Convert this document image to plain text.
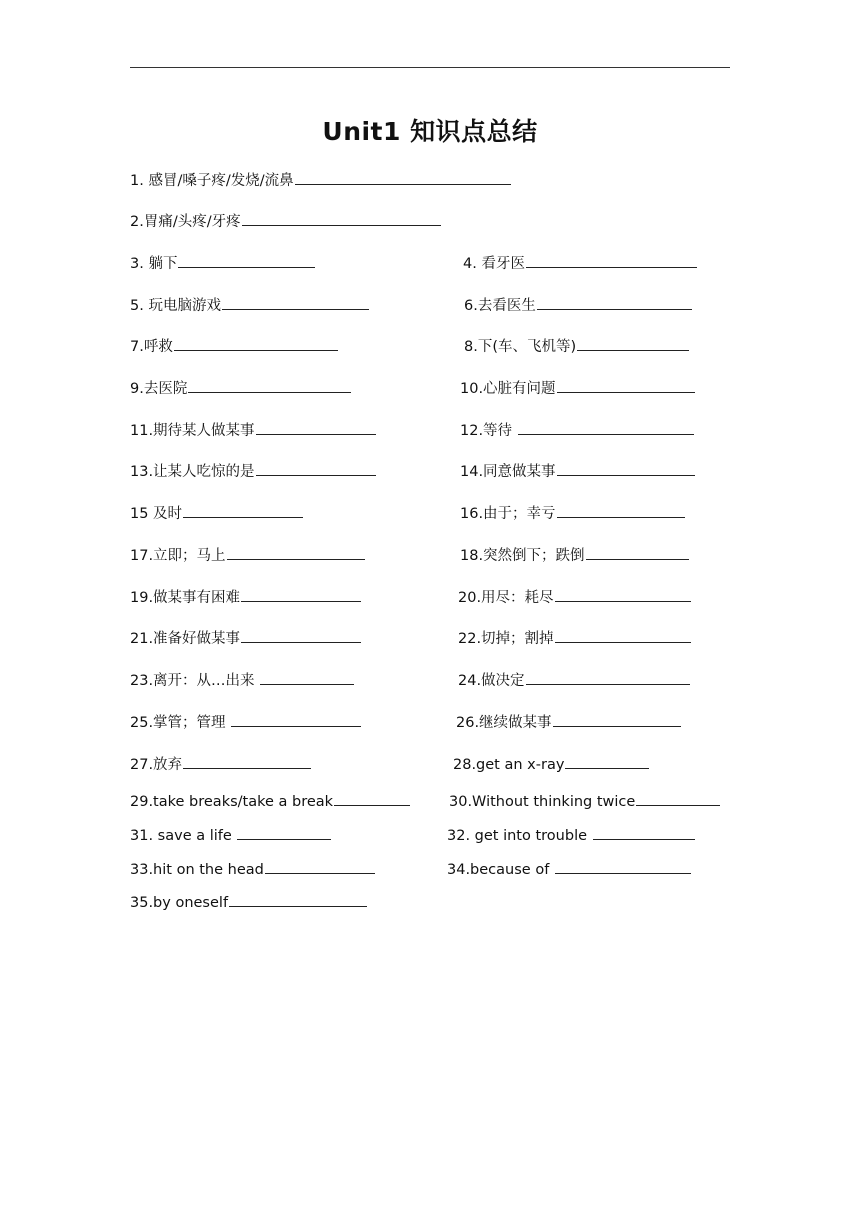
Unit1 知识点总结
1. 感冒/嗓子疼/发烧/流鼻
2.胃痛/头疼/牙疼
3. 躺下	4. 看牙医
5. 玩电脑游戏	6.去看医生
7.呼救	8.下(车、飞机等)
9.去医院	10.心脏有问题
11.期待某人做某事	12.等待
13.让某人吃惊的是	14.同意做某事
15 及时	16.由于；幸亏
17.立即；马上	18.突然倒下；跌倒
19.做某事有困难	20.用尽：耗尽
21.准备好做某事	22.切掉；割掉
23.离开：从…出来	24.做决定
25.掌管；管理	26.继续做某事
27.放弃	28.get an x-ray
29.take breaks/take a break	30.Without thinking twice
31. save a life	32. get into trouble
33.hit on the head	34.because of
35.by oneself
